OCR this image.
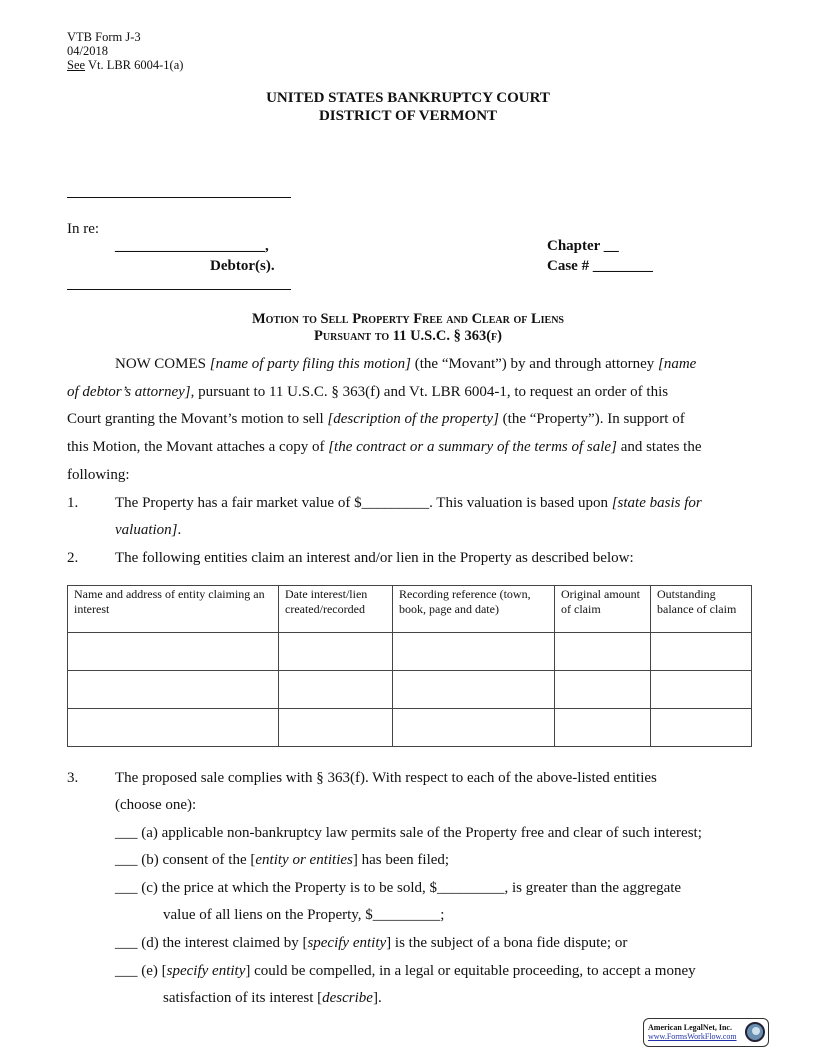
VTB Form J-3
04/2018
See Vt. LBR 6004-1(a)
UNITED STATES BANKRUPTCY COURT
DISTRICT OF VERMONT
In re:
____________________,
Debtor(s).
Chapter __
Case # ________
Motion to Sell Property Free and Clear of Liens
Pursuant to 11 U.S.C. § 363(f)
NOW COMES [name of party filing this motion] (the “Movant”) by and through attorney [name
of debtor’s attorney], pursuant to 11 U.S.C. § 363(f) and Vt. LBR 6004-1, to request an order of this
Court granting the Movant’s motion to sell [description of the property] (the “Property”). In support of
this Motion, the Movant attaches a copy of [the contract or a summary of the terms of sale] and states the
following:
1. The Property has a fair market value of $_________. This valuation is based upon [state basis for
valuation].
2. The following entities claim an interest and/or lien in the Property as described below:
Name and address of entity claiming an interest	Date interest/lien created/recorded	Recording reference (town, book, page and date)	Original amount of claim	Outstanding balance of claim

3. The proposed sale complies with § 363(f). With respect to each of the above-listed entities
(choose one):
___ (a) applicable non-bankruptcy law permits sale of the Property free and clear of such interest;
___ (b) consent of the [entity or entities] has been filed;
___ (c) the price at which the Property is to be sold, $_________, is greater than the aggregate
value of all liens on the Property, $_________;
___ (d) the interest claimed by [specify entity] is the subject of a bona fide dispute; or
___ (e) [specify entity] could be compelled, in a legal or equitable proceeding, to accept a money
satisfaction of its interest [describe].
American LegalNet, Inc.
www.FormsWorkFlow.com
